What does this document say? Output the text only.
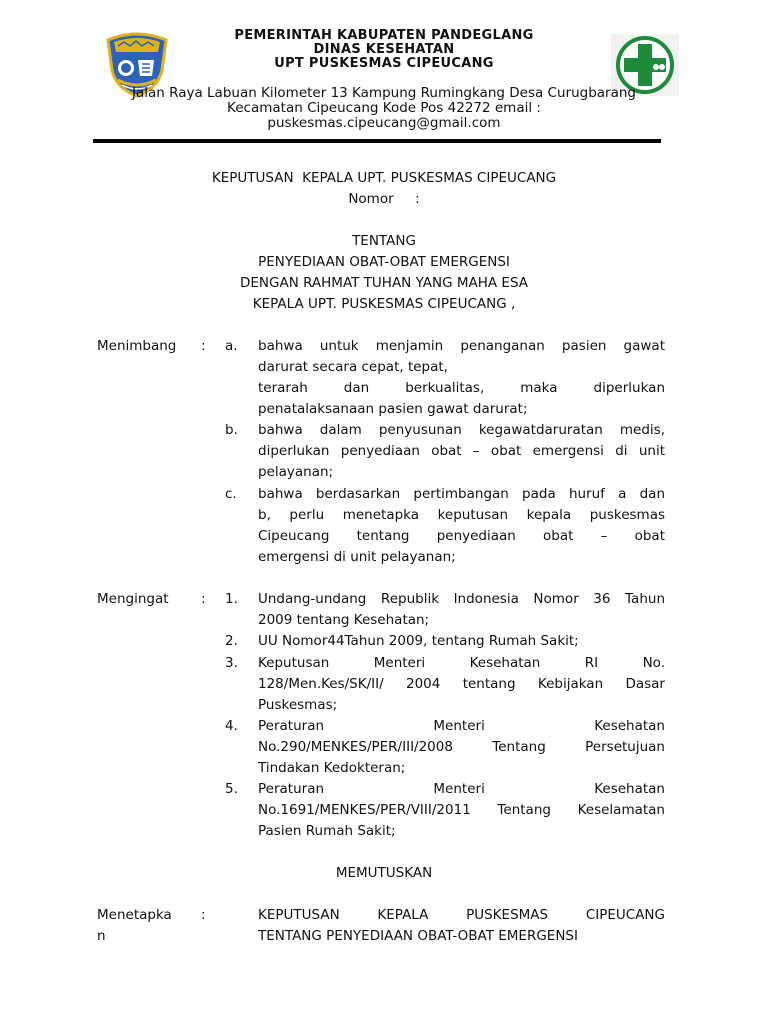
PEMERINTAH KABUPATEN PANDEGLANG
DINAS KESEHATAN
UPT PUSKESMAS CIPEUCANG
Jalan Raya Labuan Kilometer 13 Kampung Rumingkang Desa Curugbarang
Kecamatan Cipeucang Kode Pos 42272 email :
puskesmas.cipeucang@gmail.com
KEPUTUSAN  KEPALA UPT. PUSKESMAS CIPEUCANG
Nomor     :
TENTANG
PENYEDIAAN OBAT-OBAT EMERGENSI
DENGAN RAHMAT TUHAN YANG MAHA ESA
KEPALA UPT. PUSKESMAS CIPEUCANG ,
Menimbang : a. bahwa untuk menjamin penanganan pasien gawat
darurat secara cepat, tepat,
terarah dan berkualitas, maka diperlukan
penatalaksanaan pasien gawat darurat;
b. bahwa dalam penyusunan kegawatdaruratan medis,
diperlukan penyediaan obat – obat emergensi di unit
pelayanan;
c. bahwa berdasarkan pertimbangan pada huruf a dan
b, perlu menetapka keputusan kepala puskesmas
Cipeucang tentang penyediaan obat – obat
emergensi di unit pelayanan;
Mengingat : 1. Undang-undang Republik Indonesia Nomor 36 Tahun
2009 tentang Kesehatan;
2. UU Nomor44Tahun 2009, tentang Rumah Sakit;
3. Keputusan Menteri Kesehatan RI No.
128/Men.Kes/SK/II/ 2004 tentang Kebijakan Dasar
Puskesmas;
4. Peraturan Menteri Kesehatan
No.290/MENKES/PER/III/2008 Tentang Persetujuan
Tindakan Kedokteran;
5. Peraturan Menteri Kesehatan
No.1691/MENKES/PER/VIII/2011 Tentang Keselamatan
Pasien Rumah Sakit;
MEMUTUSKAN
Menetapka
n
:	KEPUTUSAN KEPALA PUSKESMAS CIPEUCANG
TENTANG PENYEDIAAN OBAT-OBAT EMERGENSI
